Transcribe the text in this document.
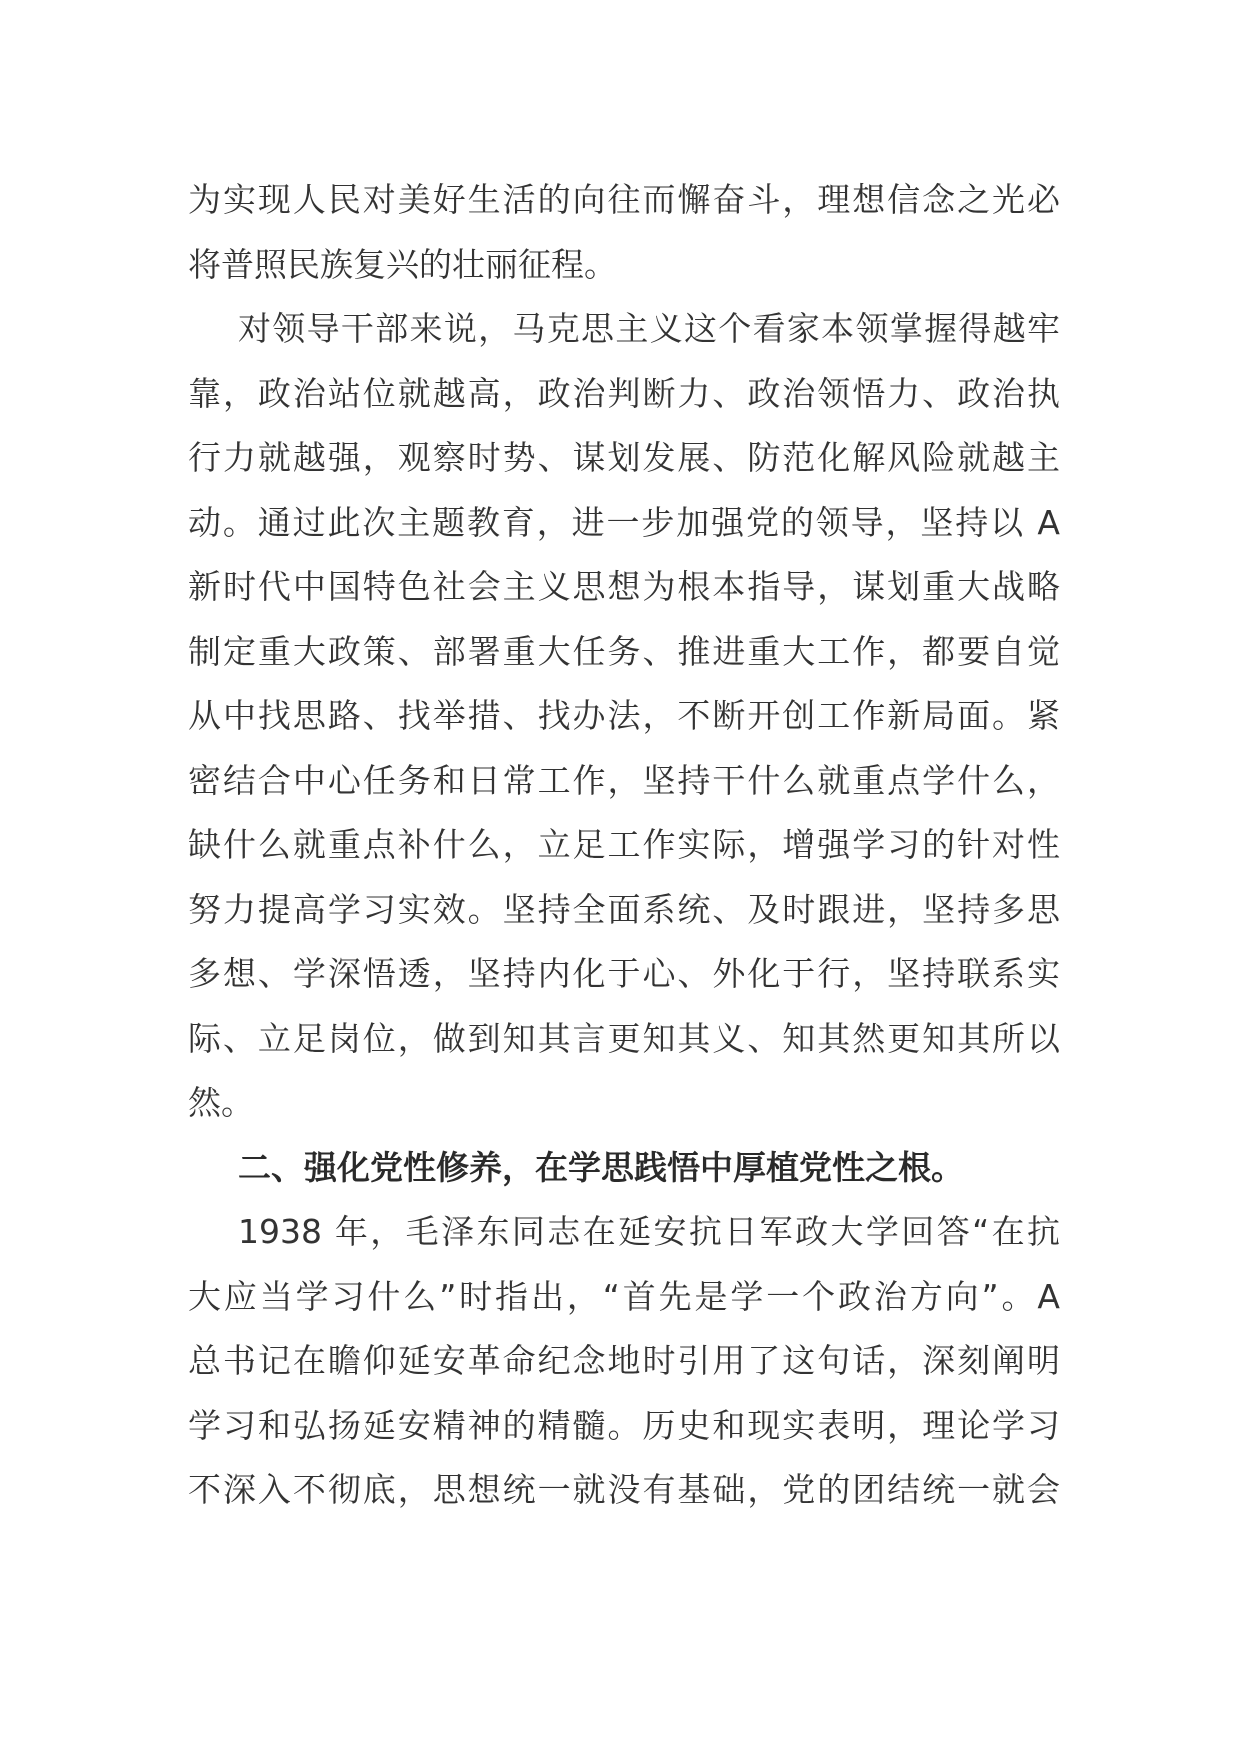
为实现人民对美好生活的向往而懈奋斗，理想信念之光必
将普照民族复兴的壮丽征程。
对领导干部来说，马克思主义这个看家本领掌握得越牢
靠，政治站位就越高，政治判断力、政治领悟力、政治执
行力就越强，观察时势、谋划发展、防范化解风险就越主
动。通过此次主题教育，进一步加强党的领导，坚持以 A
新时代中国特色社会主义思想为根本指导，谋划重大战略
制定重大政策、部署重大任务、推进重大工作，都要自觉
从中找思路、找举措、找办法，不断开创工作新局面。紧
密结合中心任务和日常工作，坚持干什么就重点学什么，
缺什么就重点补什么，立足工作实际，增强学习的针对性
努力提高学习实效。坚持全面系统、及时跟进，坚持多思
多想、学深悟透，坚持内化于心、外化于行，坚持联系实
际、立足岗位，做到知其言更知其义、知其然更知其所以
然。
二、强化党性修养，在学思践悟中厚植党性之根。
1938 年，毛泽东同志在延安抗日军政大学回答“在抗
大应当学习什么”时指出，“首先是学一个政治方向”。A
总书记在瞻仰延安革命纪念地时引用了这句话，深刻阐明
学习和弘扬延安精神的精髓。历史和现实表明，理论学习
不深入不彻底，思想统一就没有基础，党的团结统一就会
